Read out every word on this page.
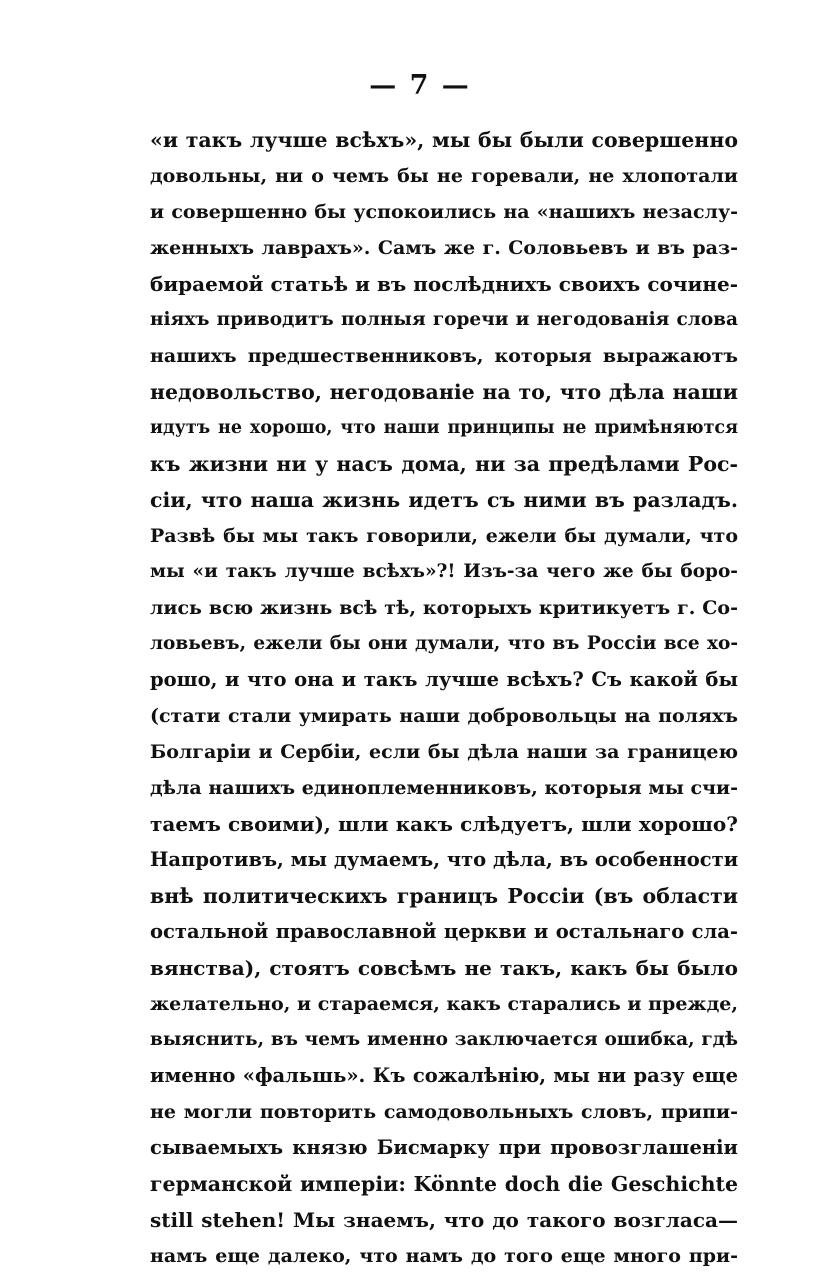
— 7 —
«и такъ лучше всѣхъ», мы бы были совершенно
довольны, ни о чемъ бы не горевали, не хлопотали
и совершенно бы успокоились на «нашихъ незаслу-
женныхъ лаврахъ». Самъ же г. Соловьевъ и въ раз-
бираемой статьѣ и въ послѣднихъ своихъ сочине-
ніяхъ приводитъ полныя горечи и негодованія слова
нашихъ предшественниковъ, которыя выражаютъ
недовольство, негодованіе на то, что дѣла наши
идутъ не хорошо, что наши принципы не примѣняются
къ жизни ни у насъ дома, ни за предѣлами Рос-
сіи, что наша жизнь идетъ съ ними въ разладъ.
Развѣ бы мы такъ говорили, ежели бы думали, что
мы «и такъ лучше всѣхъ»?! Изъ-за чего же бы боро-
лись всю жизнь всѣ тѣ, которыхъ критикуетъ г. Со-
ловьевъ, ежели бы они думали, что въ Россіи все хо-
рошо, и что она и такъ лучше всѣхъ? Съ какой бы
(стати стали умирать наши добровольцы на поляхъ
Болгаріи и Сербіи, если бы дѣла наши за границею
дѣла нашихъ единоплеменниковъ, которыя мы счи-
таемъ своими), шли какъ слѣдуетъ, шли хорошо?
Напротивъ, мы думаемъ, что дѣла, въ особенности
внѣ политическихъ границъ Россіи (въ области
остальной православной церкви и остальнаго сла-
вянства), стоятъ совсѣмъ не такъ, какъ бы было
желательно, и стараемся, какъ старались и прежде,
выяснить, въ чемъ именно заключается ошибка, гдѣ
именно «фальшь». Къ сожалѣнію, мы ни разу еще
не могли повторить самодовольныхъ словъ, припи-
сываемыхъ князю Бисмарку при провозглашеніи
германской имперіи: Könnte doch die Geschichte
still stehen! Мы знаемъ, что до такого возгласа—
намъ еще далеко, что намъ до того еще много при-
